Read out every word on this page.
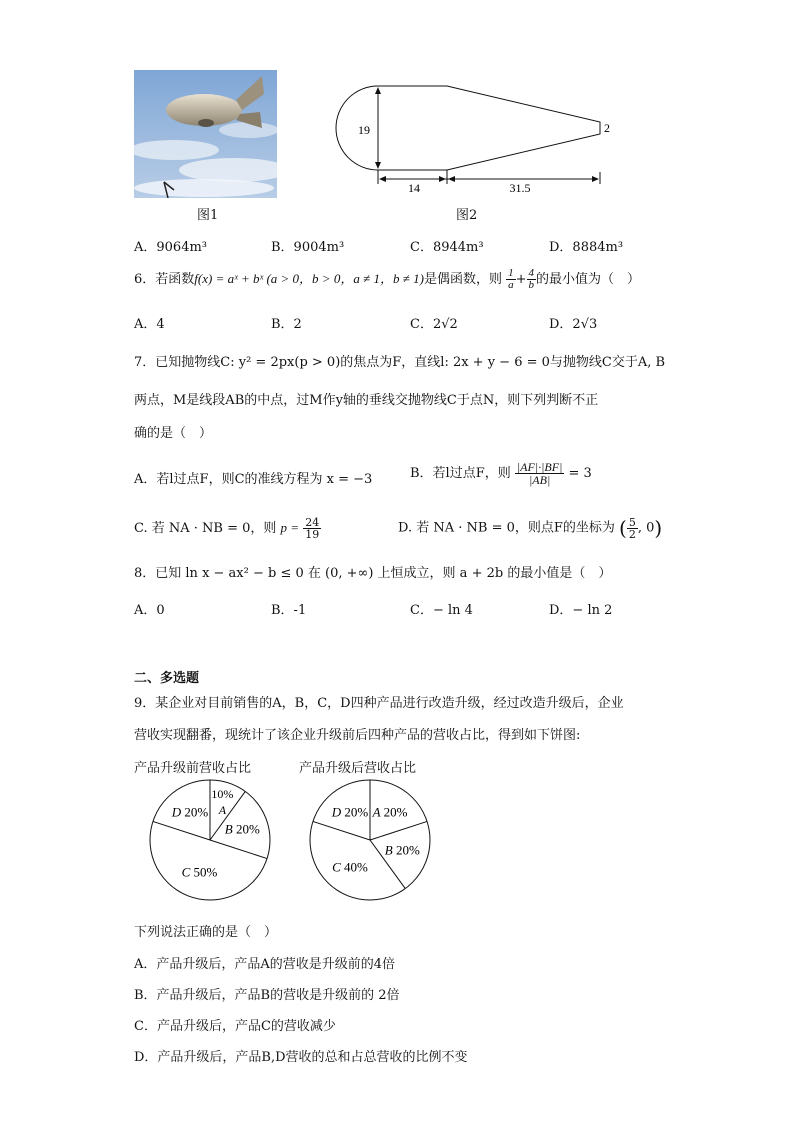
图1
19	2
14	31.5
图2
A．9064m³	B．9004m³	C．8944m³	D．8884m³
6．若函数f(x) = aˣ + bˣ (a > 0，b > 0，a ≠ 1，b ≠ 1)是偶函数，则 $\frac{1}{a} + \frac{4}{b}$ 的最小值为（　）
A．4	B．2	C．2√2	D．2√3
7．已知抛物线C: y² = 2px(p > 0)的焦点为F，直线l: 2x + y − 6 = 0与抛物线C交于A, B
两点，M是线段AB的中点，过M作y轴的垂线交抛物线C于点N，则下列判断不正
确的是（　）
A．若l过点F，则C的准线方程为 x = −3	B．若l过点F，则 $\frac{|AF|\cdot|BF|}{|AB|} = 3$
C. 若 NA · NB = 0，则 $p = \frac{24}{19}$	D. 若 NA · NB = 0，则点F的坐标为 ( $\frac{5}{2}$ , 0)
8．已知 ln x − ax² − b ≤ 0 在 (0, +∞) 上恒成立，则 a + 2b 的最小值是（　）
A．0	B．-1	C．− ln 4	D．− ln 2
二、多选题
9．某企业对目前销售的A，B，C，D四种产品进行改造升级，经过改造升级后，企业
营收实现翻番，现统计了该企业升级前后四种产品的营收占比，得到如下饼图:
产品升级前营收占比	产品升级后营收占比
10% A
B 20%
C 50%
D 20%	A 20%
B 20%
C 40%
D 20%
下列说法正确的是（　）
A．产品升级后，产品A的营收是升级前的4倍
B．产品升级后，产品B的营收是升级前的 2倍
C．产品升级后，产品C的营收减少
D．产品升级后，产品B,D营收的总和占总营收的比例不变
